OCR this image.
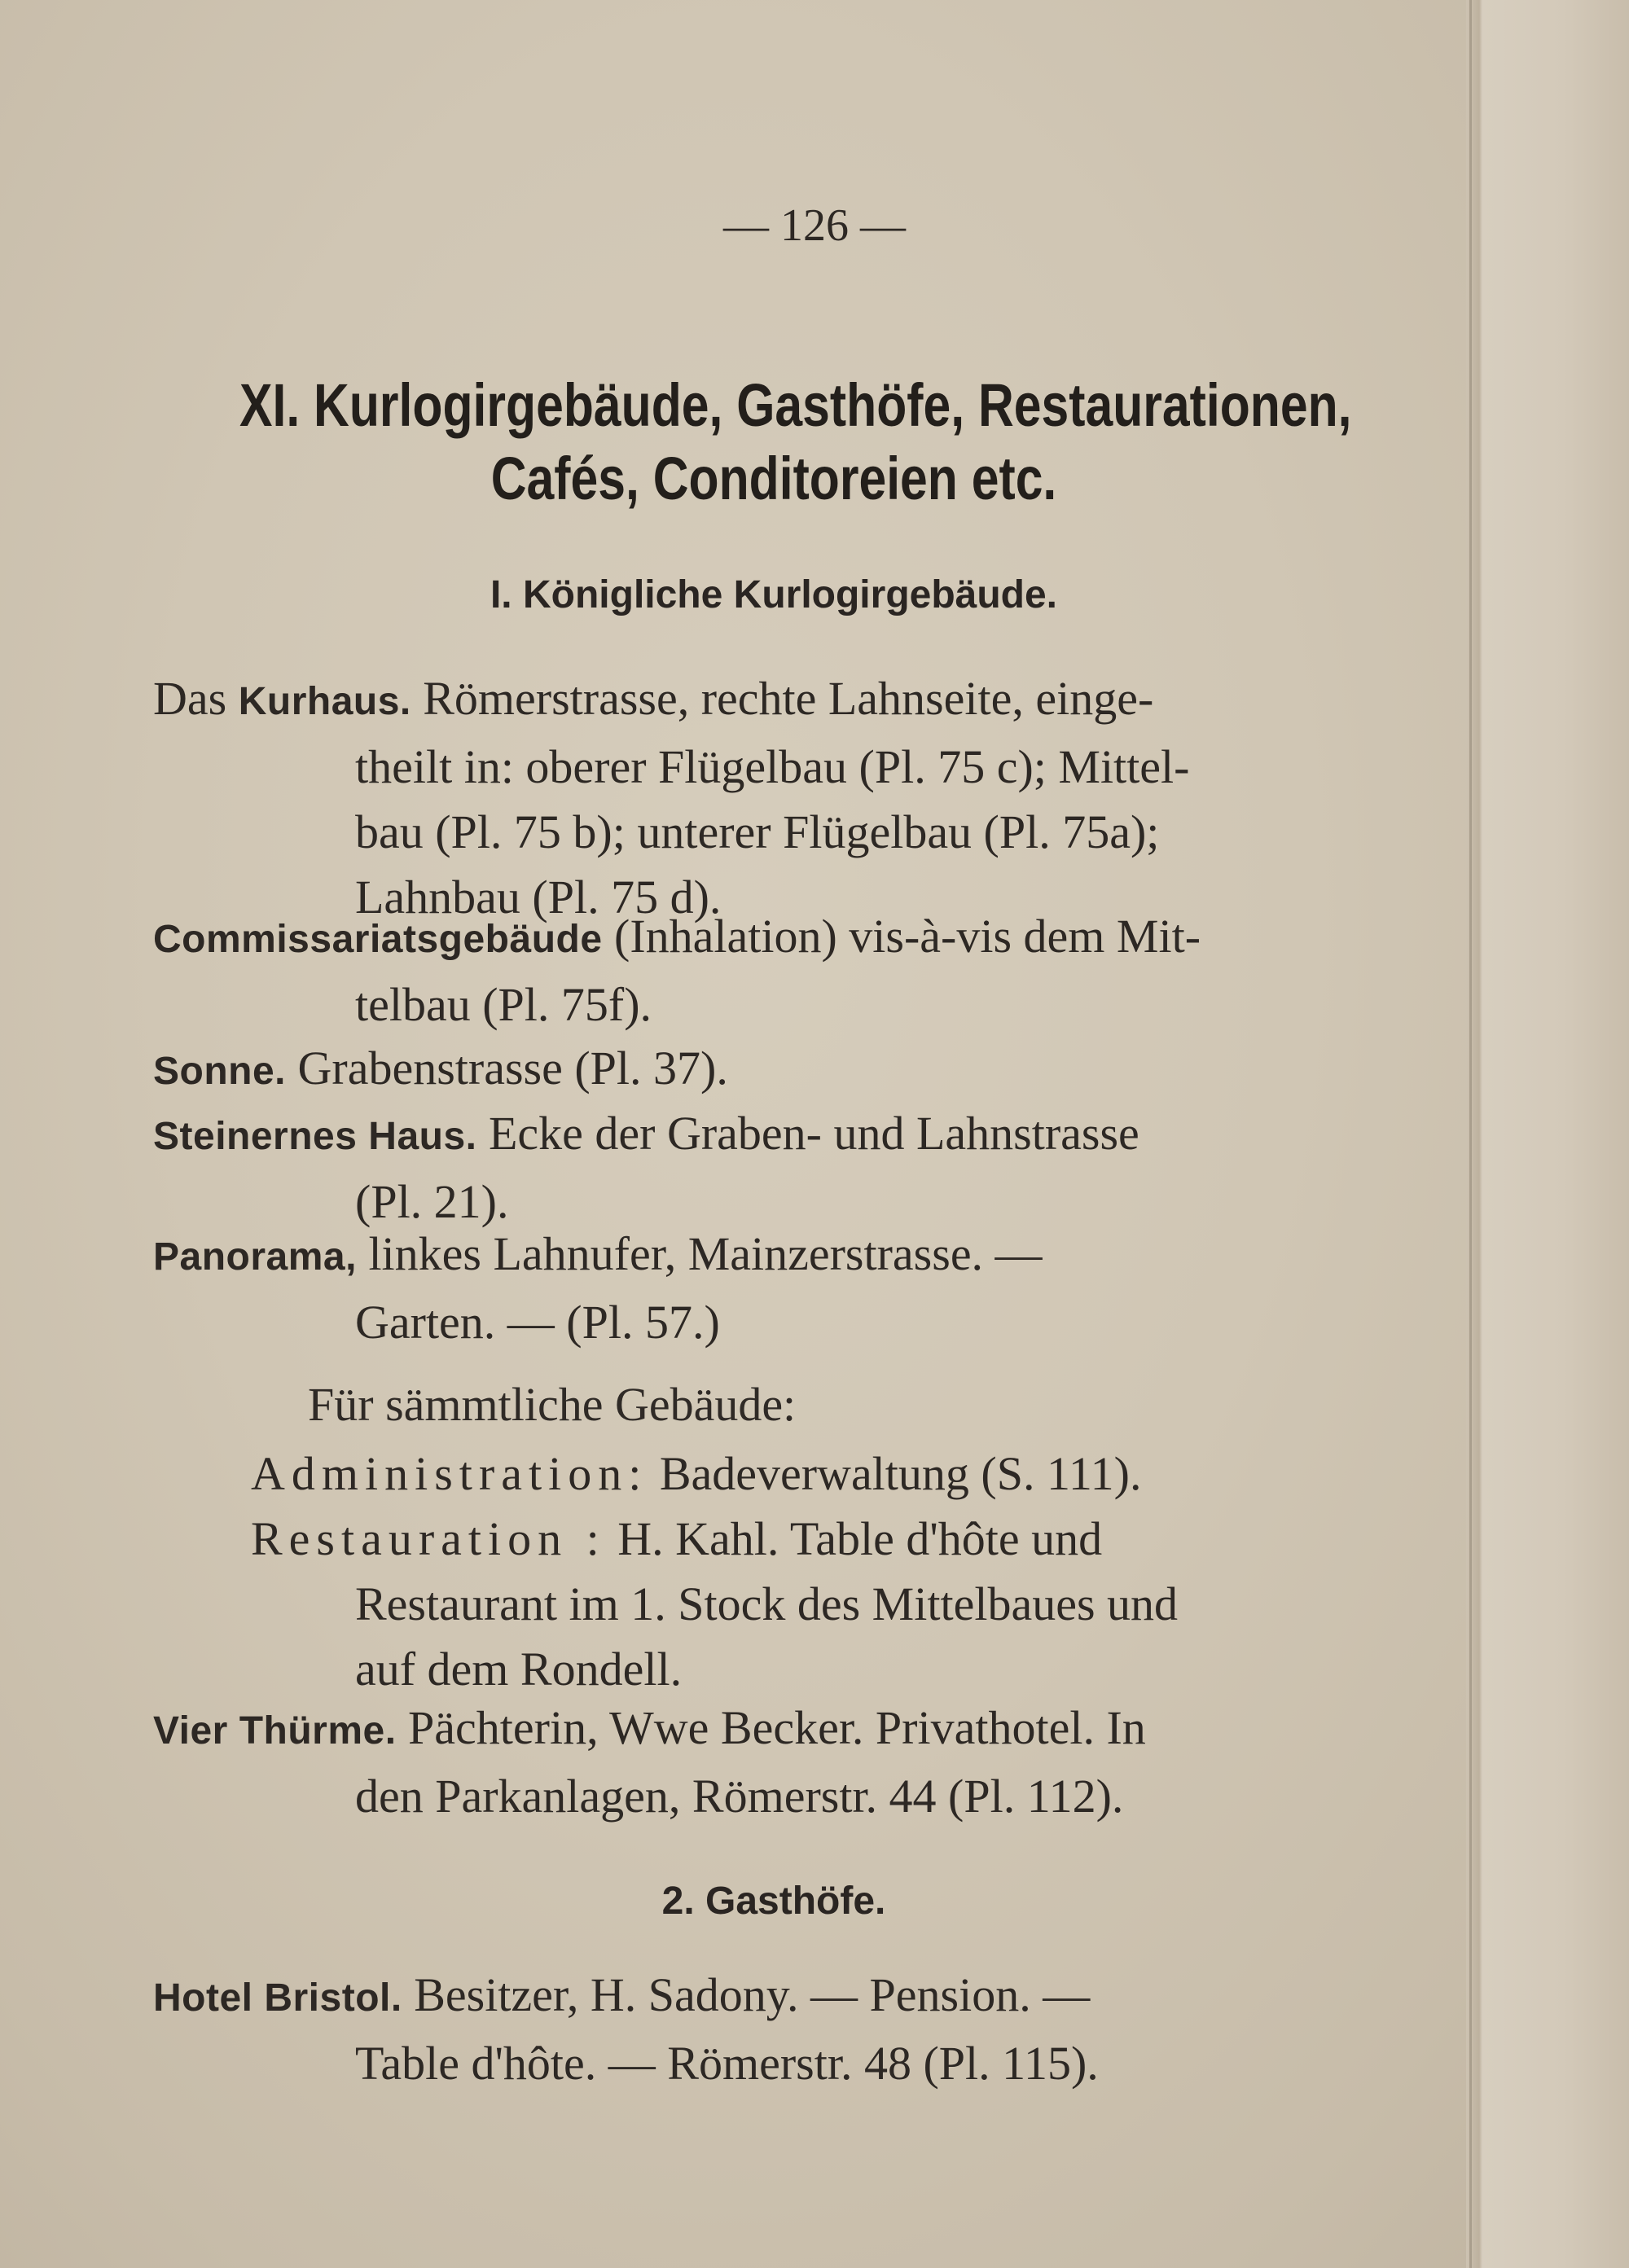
— 126 —
XI. Kurlogirgebäude, Gasthöfe, Restaurationen,
Cafés, Conditoreien etc.
I. Königliche Kurlogirgebäude.
Das Kurhaus. Römerstrasse, rechte Lahnseite, einge-
theilt in: oberer Flügelbau (Pl. 75 c); Mittel-
bau (Pl. 75 b); unterer Flügelbau (Pl. 75a);
Lahnbau (Pl. 75 d).
Commissariatsgebäude (Inhalation) vis-à-vis dem Mit-
telbau (Pl. 75f).
Sonne. Grabenstrasse (Pl. 37).
Steinernes Haus. Ecke der Graben- und Lahnstrasse
(Pl. 21).
Panorama, linkes Lahnufer, Mainzerstrasse. —
Garten. — (Pl. 57.)
Für sämmtliche Gebäude:
Administration: Badeverwaltung (S. 111).
Restauration : H. Kahl. Table d'hôte und
Restaurant im 1. Stock des Mittelbaues und
auf dem Rondell.
Vier Thürme. Pächterin, Wwe Becker. Privathotel. In
den Parkanlagen, Römerstr. 44 (Pl. 112).
2. Gasthöfe.
Hotel Bristol. Besitzer, H. Sadony. — Pension. —
Table d'hôte. — Römerstr. 48 (Pl. 115).
